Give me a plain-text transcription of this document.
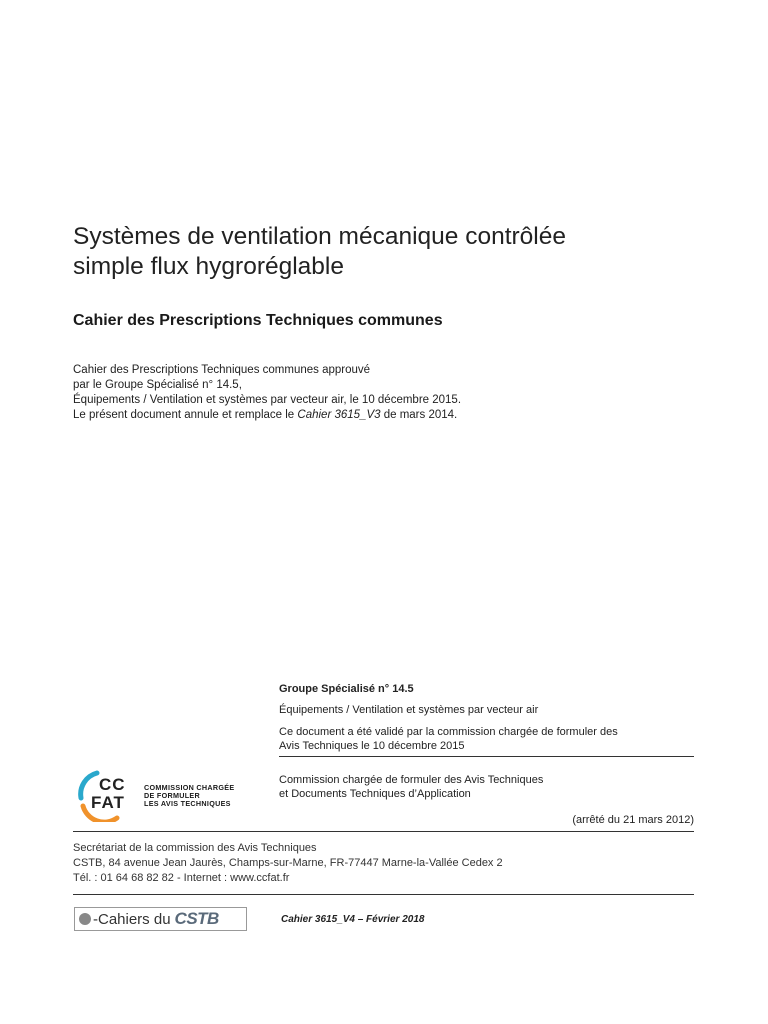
Systèmes de ventilation mécanique contrôlée
simple flux hygroréglable
Cahier des Prescriptions Techniques communes
Cahier des Prescriptions Techniques communes approuvé
par le Groupe Spécialisé n° 14.5,
Équipements / Ventilation et systèmes par vecteur air, le 10 décembre 2015.
Le présent document annule et remplace le Cahier 3615_V3 de mars 2014.
Groupe Spécialisé n° 14.5
Équipements / Ventilation et systèmes par vecteur air
Ce document a été validé par la commission chargée de formuler des
Avis Techniques le 10 décembre 2015
CC
FAT
COMMISSION CHARGÉE
DE FORMULER
LES AVIS TECHNIQUES
Commission chargée de formuler des Avis Techniques
et Documents Techniques d’Application
(arrêté du 21 mars 2012)
Secrétariat de la commission des Avis Techniques
CSTB, 84 avenue Jean Jaurès, Champs-sur-Marne, FR-77447 Marne-la-Vallée Cedex 2
Tél. : 01 64 68 82 82 - Internet : www.ccfat.fr
-Cahiers du CSTB	Cahier 3615_V4 – Février 2018
